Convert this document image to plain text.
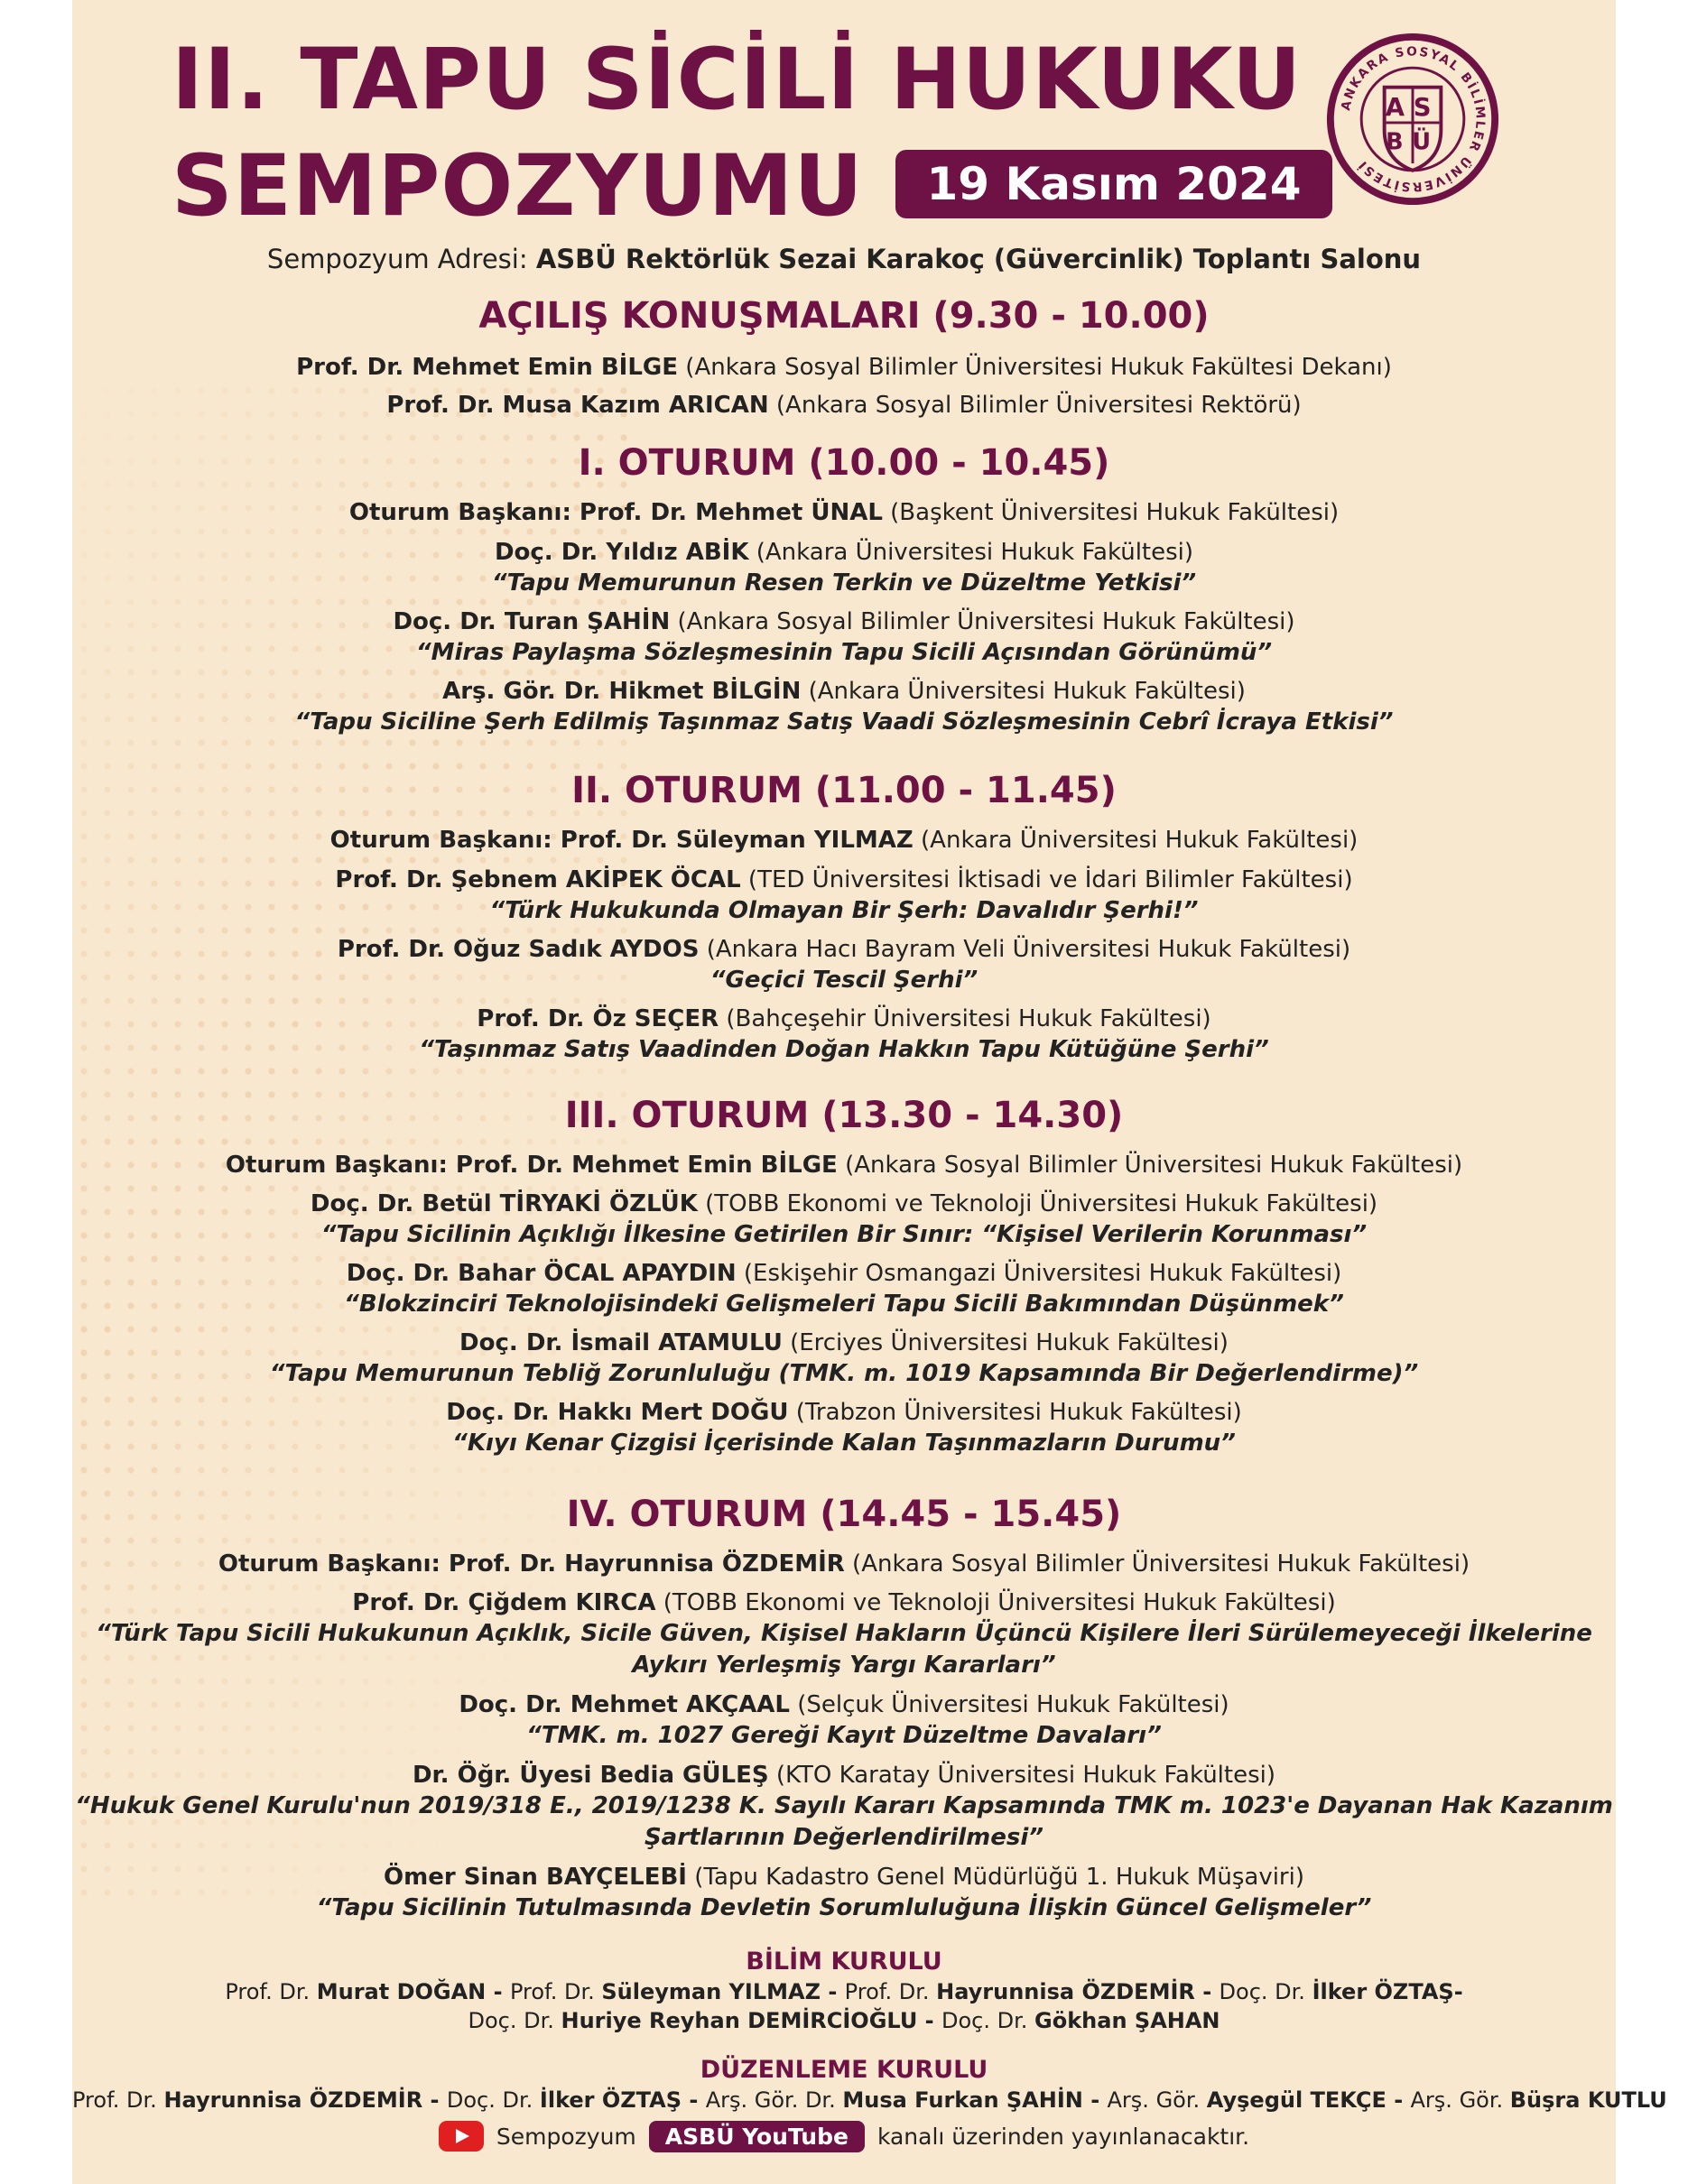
II. TAPU SİCİLİ HUKUKU
SEMPOZYUMU	19 Kasım 2024
ANKARA SOSYAL BİLİMLER ÜNİVERSİTESİ
AS
BÜ
Sempozyum Adresi: ASBÜ Rektörlük Sezai Karakoç (Güvercinlik) Toplantı Salonu
AÇILIŞ KONUŞMALARI (9.30 - 10.00)
Prof. Dr. Mehmet Emin BİLGE (Ankara Sosyal Bilimler Üniversitesi Hukuk Fakültesi Dekanı)
Prof. Dr. Musa Kazım ARICAN (Ankara Sosyal Bilimler Üniversitesi Rektörü)
I. OTURUM (10.00 - 10.45)
Oturum Başkanı: Prof. Dr. Mehmet ÜNAL (Başkent Üniversitesi Hukuk Fakültesi)
Doç. Dr. Yıldız ABİK (Ankara Üniversitesi Hukuk Fakültesi)
“Tapu Memurunun Resen Terkin ve Düzeltme Yetkisi”
Doç. Dr. Turan ŞAHİN (Ankara Sosyal Bilimler Üniversitesi Hukuk Fakültesi)
“Miras Paylaşma Sözleşmesinin Tapu Sicili Açısından Görünümü”
Arş. Gör. Dr. Hikmet BİLGİN (Ankara Üniversitesi Hukuk Fakültesi)
“Tapu Siciline Şerh Edilmiş Taşınmaz Satış Vaadi Sözleşmesinin Cebrî İcraya Etkisi”
II. OTURUM (11.00 - 11.45)
Oturum Başkanı: Prof. Dr. Süleyman YILMAZ (Ankara Üniversitesi Hukuk Fakültesi)
Prof. Dr. Şebnem AKİPEK ÖCAL (TED Üniversitesi İktisadi ve İdari Bilimler Fakültesi)
“Türk Hukukunda Olmayan Bir Şerh: Davalıdır Şerhi!”
Prof. Dr. Oğuz Sadık AYDOS (Ankara Hacı Bayram Veli Üniversitesi Hukuk Fakültesi)
“Geçici Tescil Şerhi”
Prof. Dr. Öz SEÇER (Bahçeşehir Üniversitesi Hukuk Fakültesi)
“Taşınmaz Satış Vaadinden Doğan Hakkın Tapu Kütüğüne Şerhi”
III. OTURUM (13.30 - 14.30)
Oturum Başkanı: Prof. Dr. Mehmet Emin BİLGE (Ankara Sosyal Bilimler Üniversitesi Hukuk Fakültesi)
Doç. Dr. Betül TİRYAKİ ÖZLÜK (TOBB Ekonomi ve Teknoloji Üniversitesi Hukuk Fakültesi)
“Tapu Sicilinin Açıklığı İlkesine Getirilen Bir Sınır: “Kişisel Verilerin Korunması”
Doç. Dr. Bahar ÖCAL APAYDIN (Eskişehir Osmangazi Üniversitesi Hukuk Fakültesi)
“Blokzinciri Teknolojisindeki Gelişmeleri Tapu Sicili Bakımından Düşünmek”
Doç. Dr. İsmail ATAMULU (Erciyes Üniversitesi Hukuk Fakültesi)
“Tapu Memurunun Tebliğ Zorunluluğu (TMK. m. 1019 Kapsamında Bir Değerlendirme)”
Doç. Dr. Hakkı Mert DOĞU (Trabzon Üniversitesi Hukuk Fakültesi)
“Kıyı Kenar Çizgisi İçerisinde Kalan Taşınmazların Durumu”
IV. OTURUM (14.45 - 15.45)
Oturum Başkanı: Prof. Dr. Hayrunnisa ÖZDEMİR (Ankara Sosyal Bilimler Üniversitesi Hukuk Fakültesi)
Prof. Dr. Çiğdem KIRCA (TOBB Ekonomi ve Teknoloji Üniversitesi Hukuk Fakültesi)
“Türk Tapu Sicili Hukukunun Açıklık, Sicile Güven, Kişisel Hakların Üçüncü Kişilere İleri Sürülemeyeceği İlkelerine
Aykırı Yerleşmiş Yargı Kararları”
Doç. Dr. Mehmet AKÇAAL (Selçuk Üniversitesi Hukuk Fakültesi)
“TMK. m. 1027 Gereği Kayıt Düzeltme Davaları”
Dr. Öğr. Üyesi Bedia GÜLEŞ (KTO Karatay Üniversitesi Hukuk Fakültesi)
“Hukuk Genel Kurulu'nun 2019/318 E., 2019/1238 K. Sayılı Kararı Kapsamında TMK m. 1023'e Dayanan Hak Kazanım
Şartlarının Değerlendirilmesi”
Ömer Sinan BAYÇELEBİ (Tapu Kadastro Genel Müdürlüğü 1. Hukuk Müşaviri)
“Tapu Sicilinin Tutulmasında Devletin Sorumluluğuna İlişkin Güncel Gelişmeler”
BİLİM KURULU
Prof. Dr. Murat DOĞAN - Prof. Dr. Süleyman YILMAZ - Prof. Dr. Hayrunnisa ÖZDEMİR - Doç. Dr. İlker ÖZTAŞ-
Doç. Dr. Huriye Reyhan DEMİRCİOĞLU - Doç. Dr. Gökhan ŞAHAN
DÜZENLEME KURULU
Prof. Dr. Hayrunnisa ÖZDEMİR - Doç. Dr. İlker ÖZTAŞ - Arş. Gör. Dr. Musa Furkan ŞAHİN - Arş. Gör. Ayşegül TEKÇE - Arş. Gör. Büşra KUTLU
Sempozyum	ASBÜ YouTube	kanalı üzerinden yayınlanacaktır.
